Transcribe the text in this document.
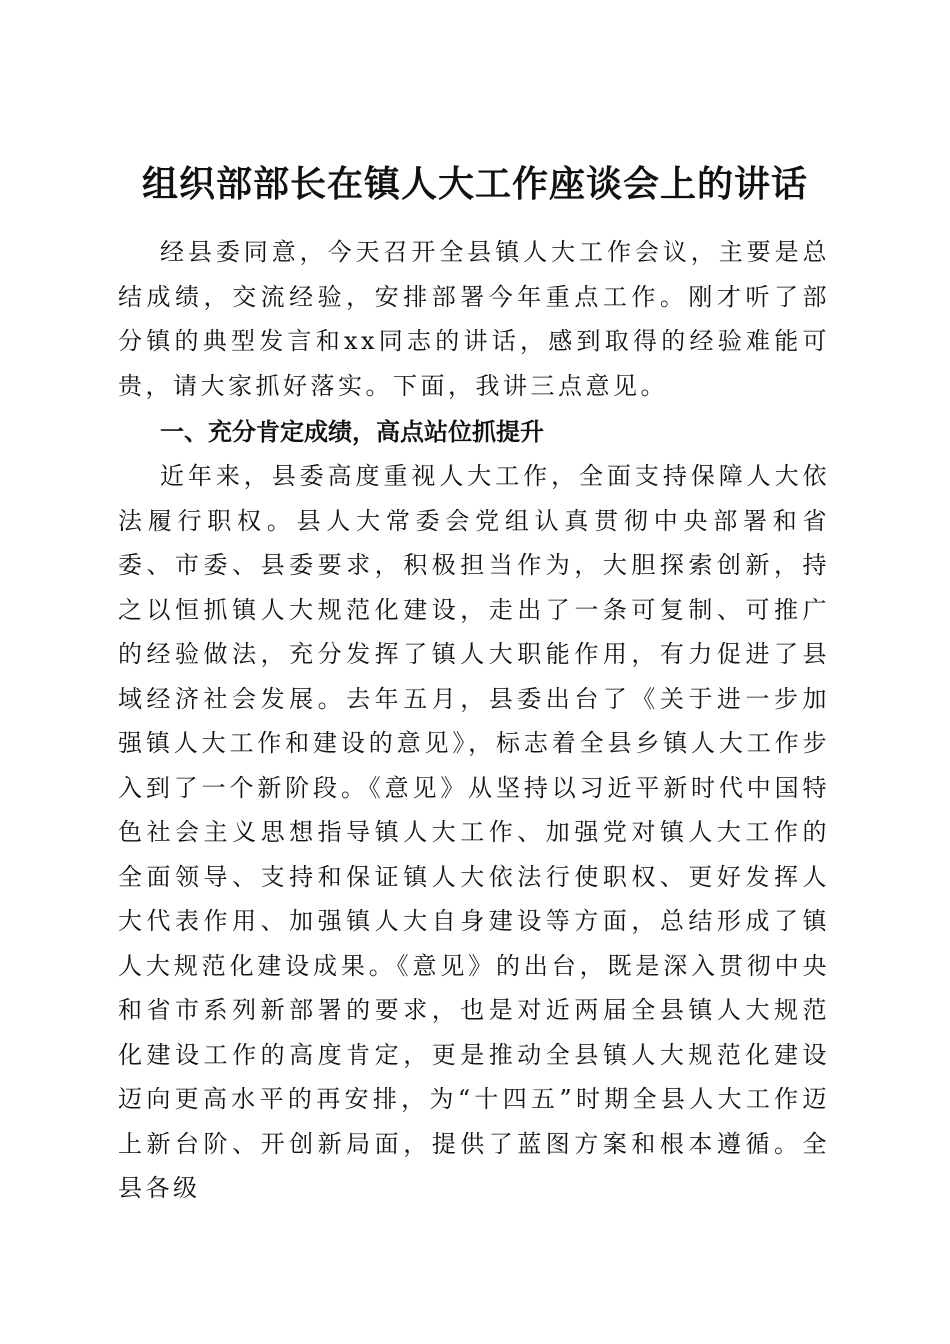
组织部部长在镇人大工作座谈会上的讲话

经县委同意，今天召开全县镇人大工作会议，主要是总结成绩，交流经验，安排部署今年重点工作。刚才听了部分镇的典型发言和xx同志的讲话，感到取得的经验难能可贵，请大家抓好落实。下面，我讲三点意见。

一、充分肯定成绩，高点站位抓提升

近年来，县委高度重视人大工作，全面支持保障人大依法履行职权。县人大常委会党组认真贯彻中央部署和省委、市委、县委要求，积极担当作为，大胆探索创新，持之以恒抓镇人大规范化建设，走出了一条可复制、可推广的经验做法，充分发挥了镇人大职能作用，有力促进了县域经济社会发展。去年五月，县委出台了《关于进一步加强镇人大工作和建设的意见》，标志着全县乡镇人大工作步入到了一个新阶段。《意见》从坚持以习近平新时代中国特色社会主义思想指导镇人大工作、加强党对镇人大工作的全面领导、支持和保证镇人大依法行使职权、更好发挥人大代表作用、加强镇人大自身建设等方面，总结形成了镇人大规范化建设成果。《意见》的出台，既是深入贯彻中央和省市系列新部署的要求，也是对近两届全县镇人大规范化建设工作的高度肯定，更是推动全县镇人大规范化建设迈向更高水平的再安排，为“十四五”时期全县人大工作迈上新台阶、开创新局面，提供了蓝图方案和根本遵循。全县各级
